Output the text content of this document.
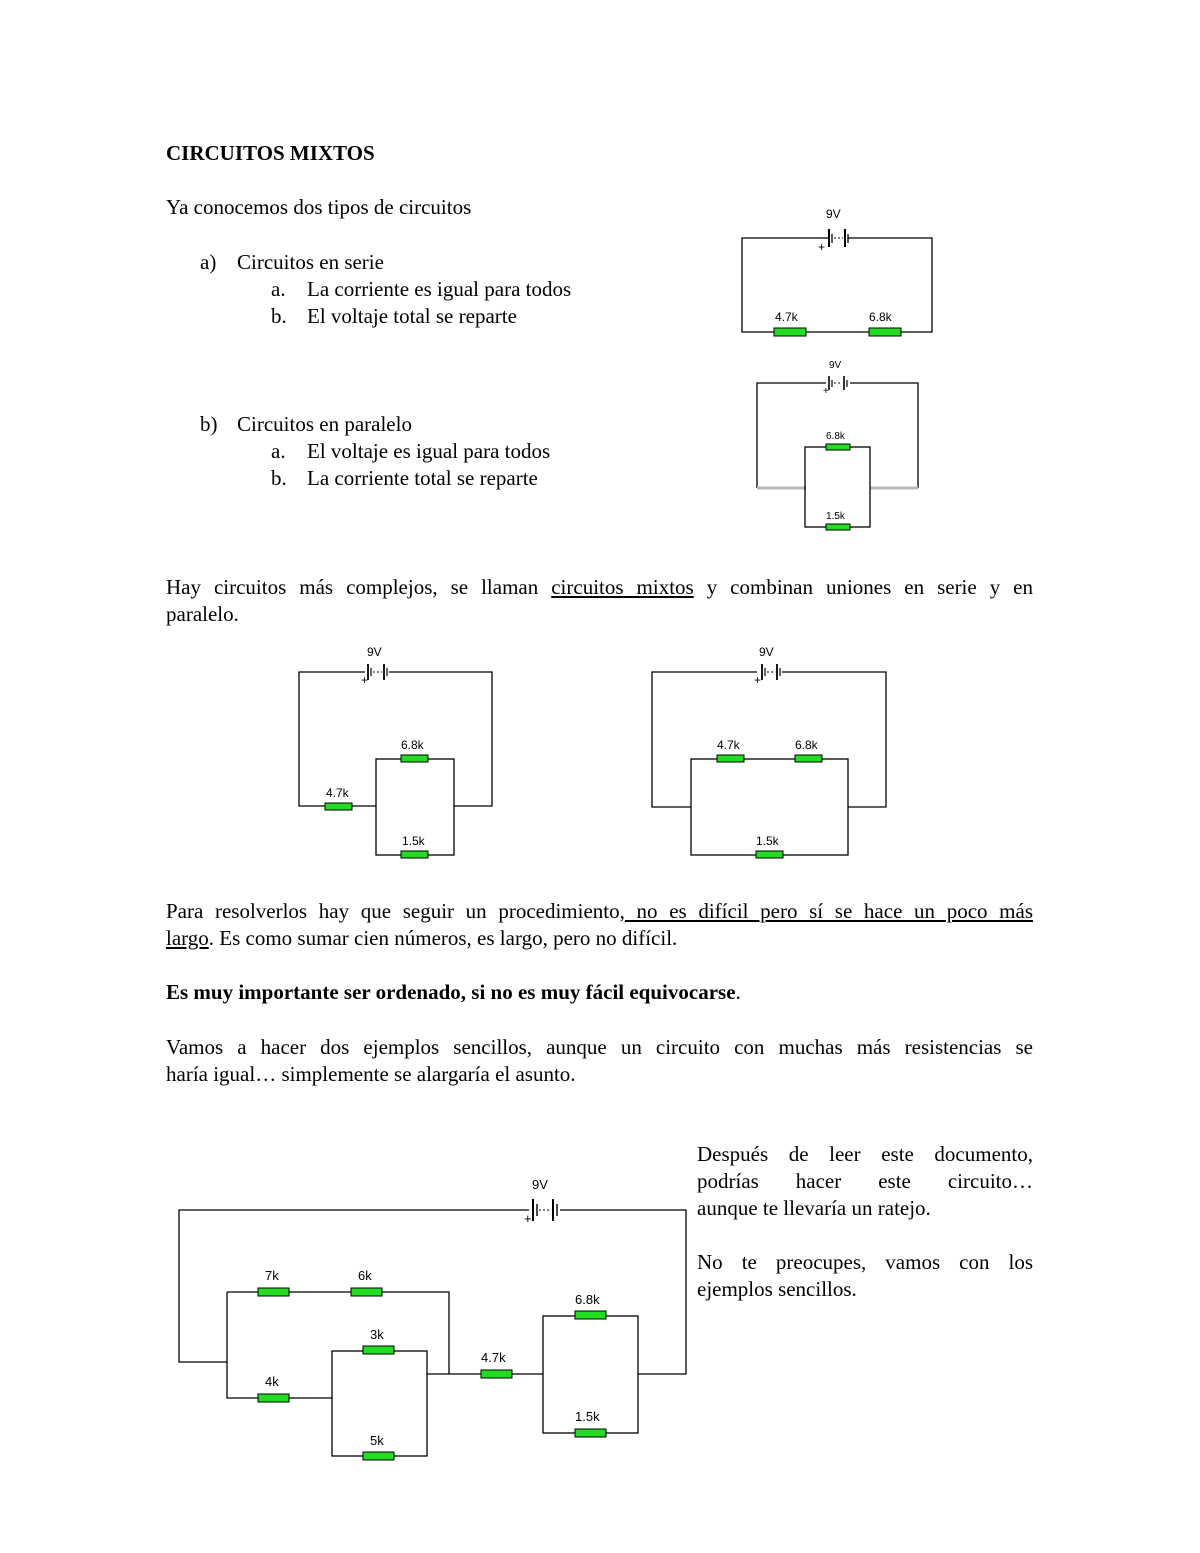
CIRCUITOS MIXTOS
Ya conocemos dos tipos de circuitos
a) Circuitos en serie
a. La corriente es igual para todos
b. El voltaje total se reparte
b) Circuitos en paralelo
a. El voltaje es igual para todos
b. La corriente total se reparte
Hay circuitos más complejos, se llaman circuitos mixtos y combinan uniones en serie y en
paralelo.
Para resolverlos hay que seguir un procedimiento, no es difícil pero sí se hace un poco más
largo. Es como sumar cien números, es largo, pero no difícil.
Es muy importante ser ordenado, si no es muy fácil equivocarse.
Vamos a hacer dos ejemplos sencillos, aunque un circuito con muchas más resistencias se
haría igual… simplemente se alargaría el asunto.
Después de leer este documento,
podrías hacer este circuito…
aunque te llevaría un ratejo.
No te preocupes, vamos con los
ejemplos sencillos.
9V
+
4.7k	6.8k
9V
+
6.8k
1.5k
9V
+
4.7k
6.8k
1.5k
9V
+
4.7k	6.8k
1.5k
9V
+
7k	6k
3k
4k
5k
4.7k
6.8k
1.5k
